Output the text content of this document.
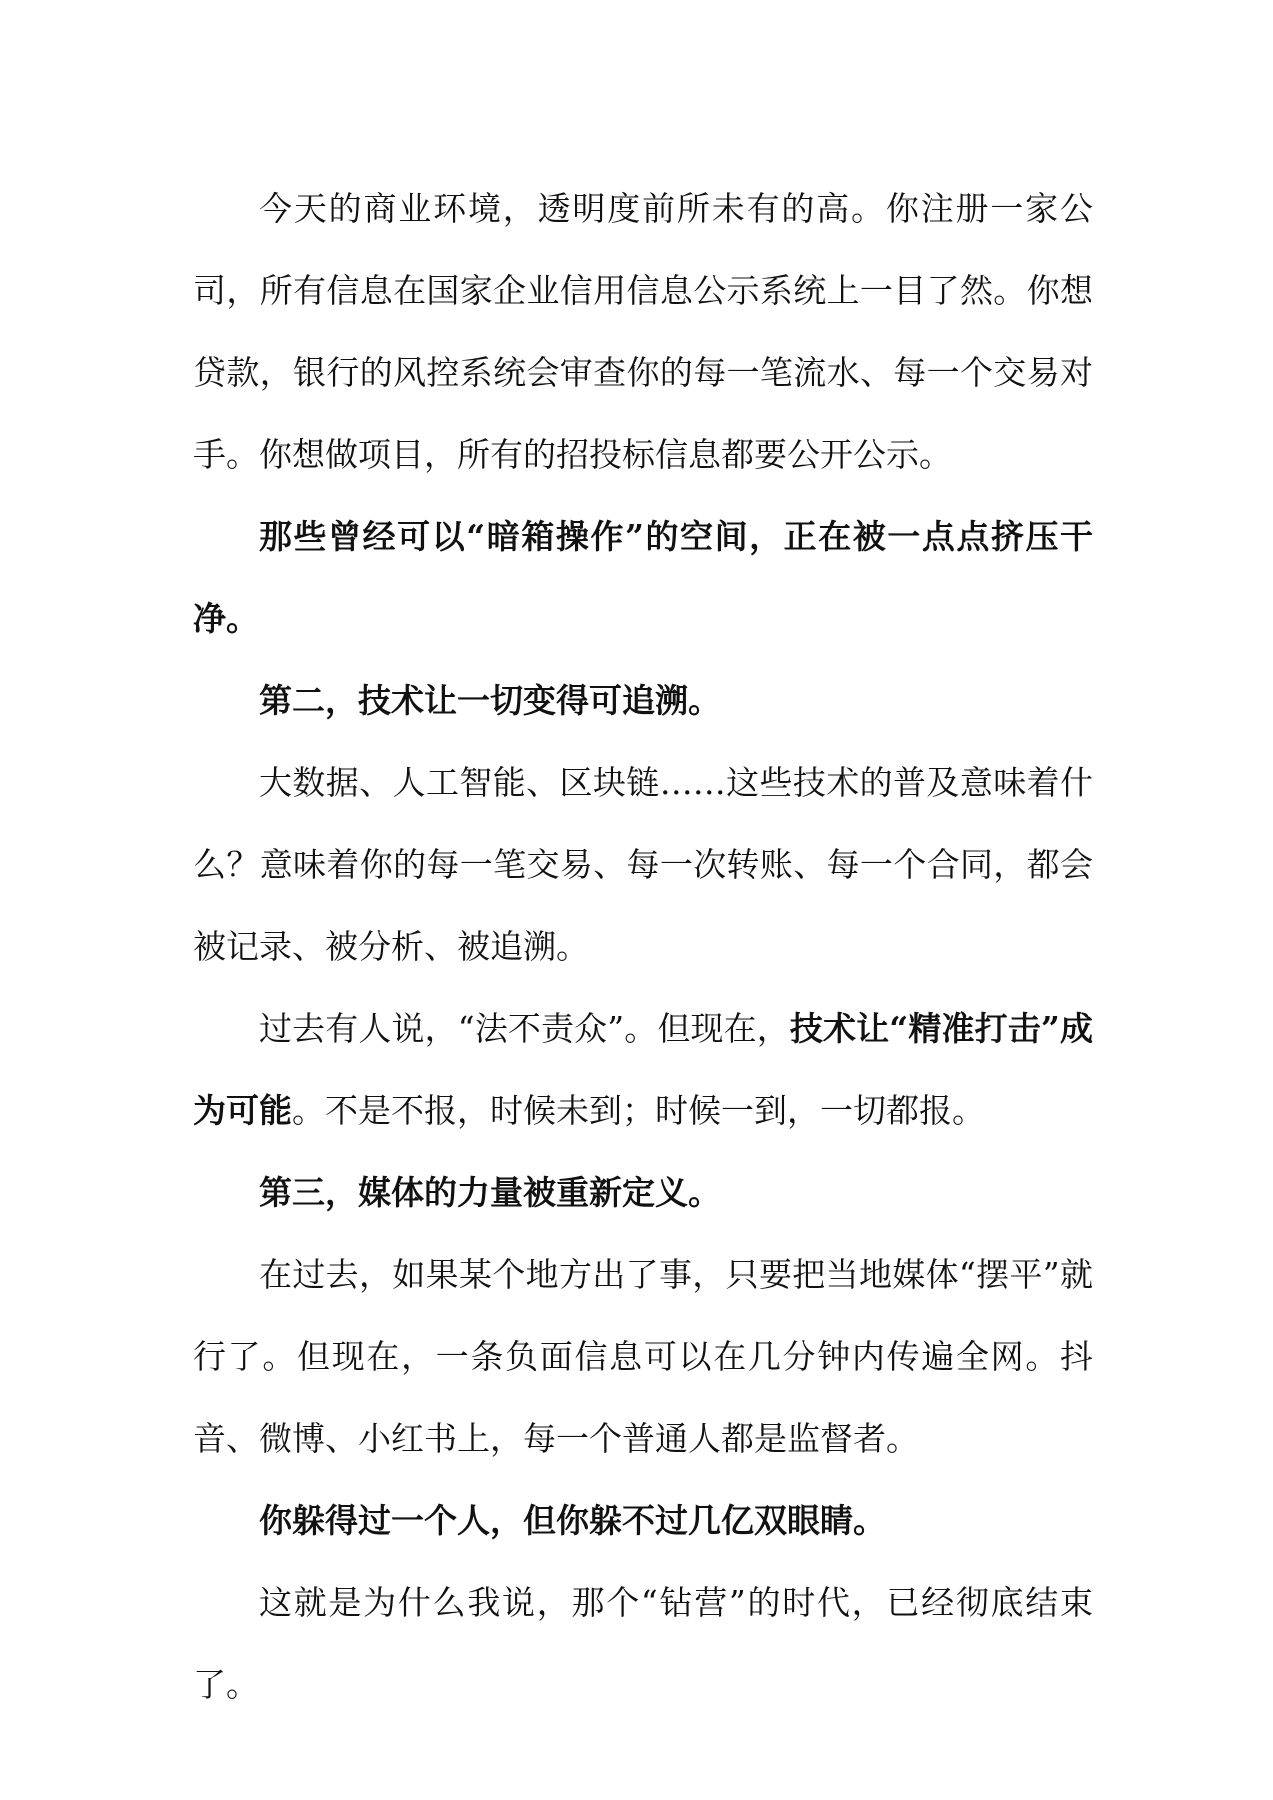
今天的商业环境，透明度前所未有的高。你注册一家公司，所有信息在国家企业信用信息公示系统上一目了然。你想贷款，银行的风控系统会审查你的每一笔流水、每一个交易对手。你想做项目，所有的招投标信息都要公开公示。

那些曾经可以“暗箱操作”的空间，正在被一点点挤压干净。

第二，技术让一切变得可追溯。

大数据、人工智能、区块链……这些技术的普及意味着什么？意味着你的每一笔交易、每一次转账、每一个合同，都会被记录、被分析、被追溯。

过去有人说，“法不责众”。但现在，技术让“精准打击”成为可能。不是不报，时候未到；时候一到，一切都报。

第三，媒体的力量被重新定义。

在过去，如果某个地方出了事，只要把当地媒体“摆平”就行了。但现在，一条负面信息可以在几分钟内传遍全网。抖音、微博、小红书上，每一个普通人都是监督者。

你躲得过一个人，但你躲不过几亿双眼睛。

这就是为什么我说，那个“钻营”的时代，已经彻底结束了。
